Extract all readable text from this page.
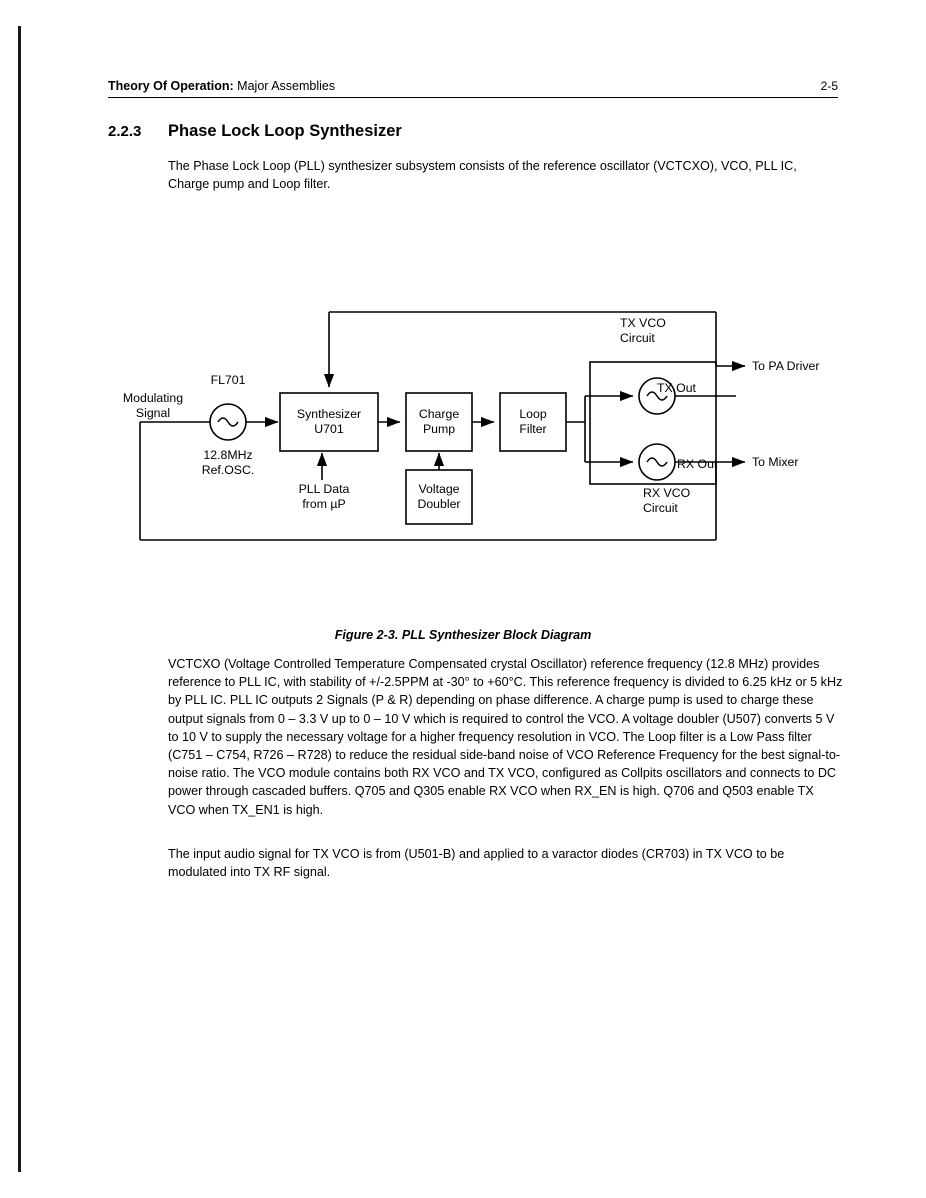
Theory Of Operation: Major Assemblies	2-5
2.2.3 Phase Lock Loop Synthesizer
The Phase Lock Loop (PLL) synthesizer subsystem consists of the reference oscillator (VCTCXO), VCO, PLL IC, Charge pump and Loop filter.
Modulating
Signal
FL701
12.8MHz
Ref.OSC.
Synthesizer
U701
PLL Data
from µP
Charge
Pump
Voltage
Doubler
Loop
Filter
TX VCO
Circuit
TX Out
RX Out
RX VCO
Circuit
To PA Driver
To Mixer
Figure 2-3. PLL Synthesizer Block Diagram
VCTCXO (Voltage Controlled Temperature Compensated crystal Oscillator) reference frequency (12.8 MHz) provides reference to PLL IC, with stability of +/-2.5PPM at -30° to +60°C. This reference frequency is divided to 6.25 kHz or 5 kHz by PLL IC. PLL IC outputs 2 Signals (P & R) depending on phase difference. A charge pump is used to charge these output signals from 0 – 3.3 V up to 0 – 10 V which is required to control the VCO. A voltage doubler (U507) converts 5 V to 10 V to supply the necessary voltage for a higher frequency resolution in VCO. The Loop filter is a Low Pass filter (C751 – C754, R726 – R728) to reduce the residual side-band noise of VCO Reference Frequency for the best signal-to-noise ratio. The VCO module contains both RX VCO and TX VCO, configured as Collpits oscillators and connects to DC power through cascaded buffers. Q705 and Q305 enable RX VCO when RX_EN is high. Q706 and Q503 enable TX VCO when TX_EN1 is high.
The input audio signal for TX VCO is from (U501-B) and applied to a varactor diodes (CR703) in TX VCO to be modulated into TX RF signal.
